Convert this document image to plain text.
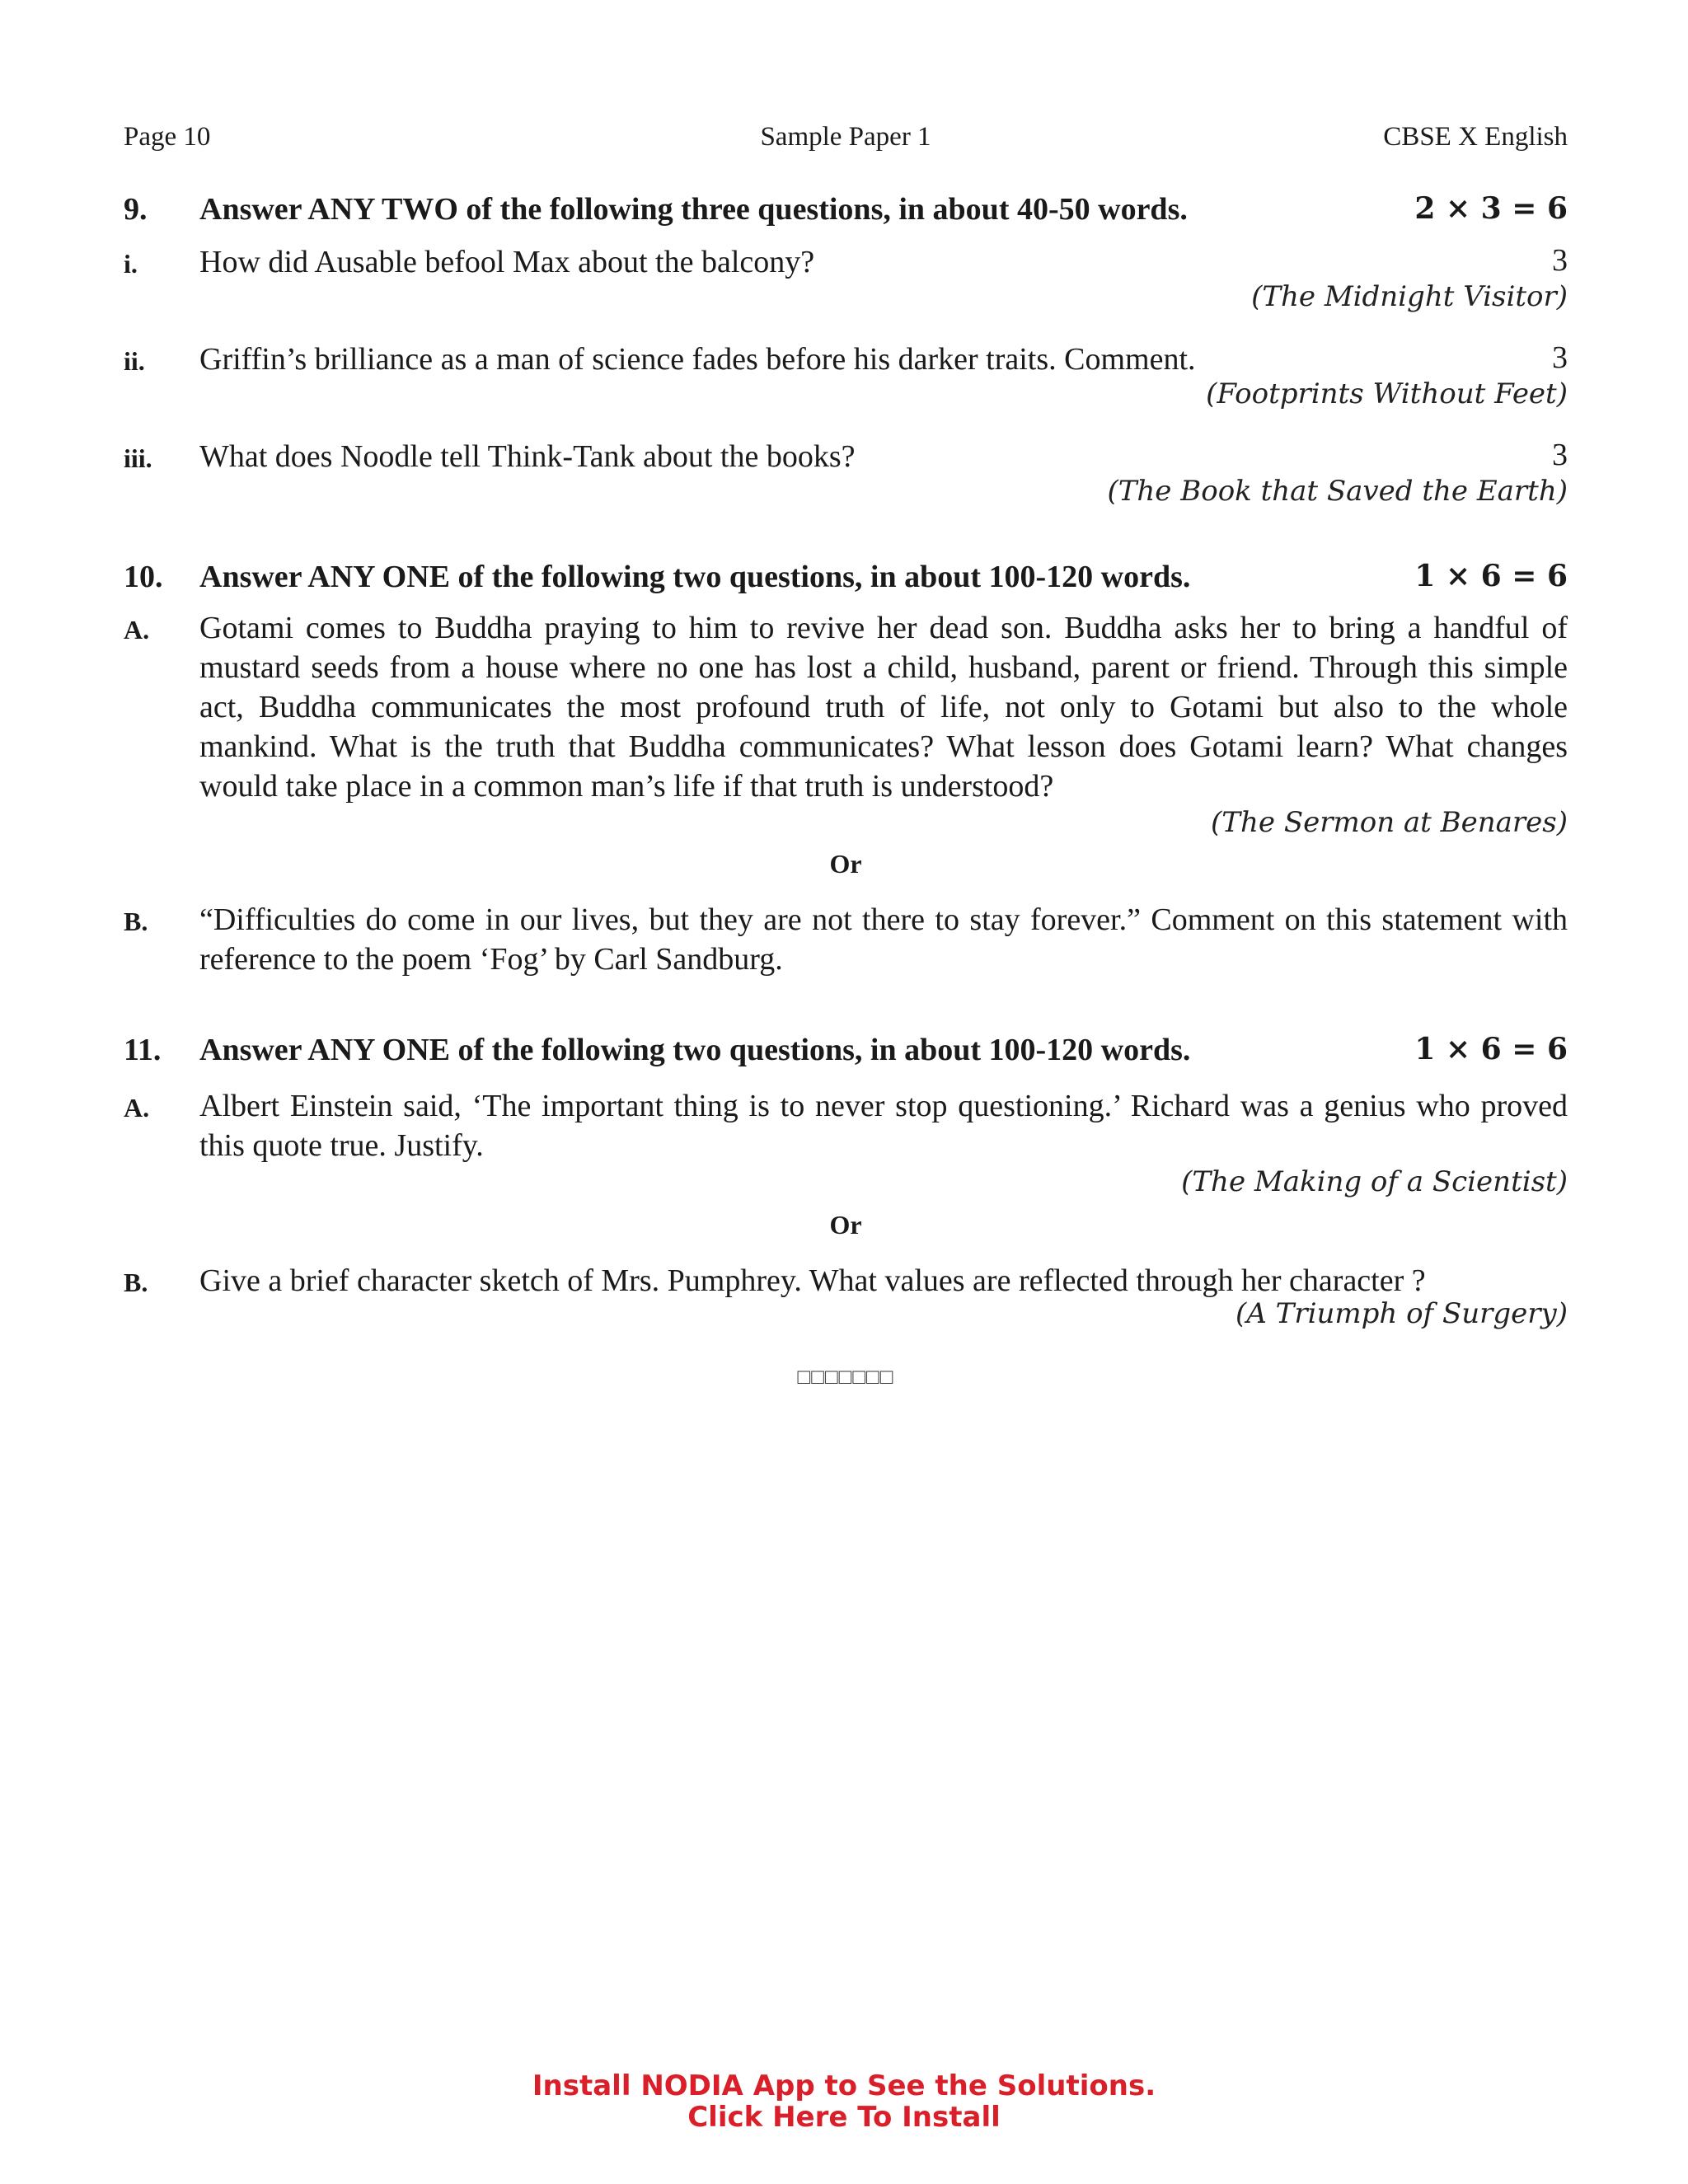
Page 10	Sample Paper 1	CBSE X English
9. Answer ANY TWO of the following three questions, in about 40-50 words.	2 × 3 = 6
i. How did Ausable befool Max about the balcony?	3
(The Midnight Visitor)
ii. Griffin’s brilliance as a man of science fades before his darker traits. Comment.	3
(Footprints Without Feet)
iii. What does Noodle tell Think-Tank about the books?	3
(The Book that Saved the Earth)
10. Answer ANY ONE of the following two questions, in about 100-120 words.	1 × 6 = 6
A. Gotami comes to Buddha praying to him to revive her dead son. Buddha asks her to bring a handful of mustard seeds from a house where no one has lost a child, husband, parent or friend. Through this simple act, Buddha communicates the most profound truth of life, not only to Gotami but also to the whole mankind. What is the truth that Buddha communicates? What lesson does Gotami learn? What changes would take place in a common man’s life if that truth is understood?
(The Sermon at Benares)
Or
B. “Difficulties do come in our lives, but they are not there to stay forever.” Comment on this statement with reference to the poem ‘Fog’ by Carl Sandburg.
11. Answer ANY ONE of the following two questions, in about 100-120 words.	1 × 6 = 6
A. Albert Einstein said, ‘The important thing is to never stop questioning.’ Richard was a genius who proved this quote true. Justify.
(The Making of a Scientist)
Or
B. Give a brief character sketch of Mrs. Pumphrey. What values are reflected through her character ?
(A Triumph of Surgery)
□□□□□□□
Install NODIA App to See the Solutions.
Click Here To Install
